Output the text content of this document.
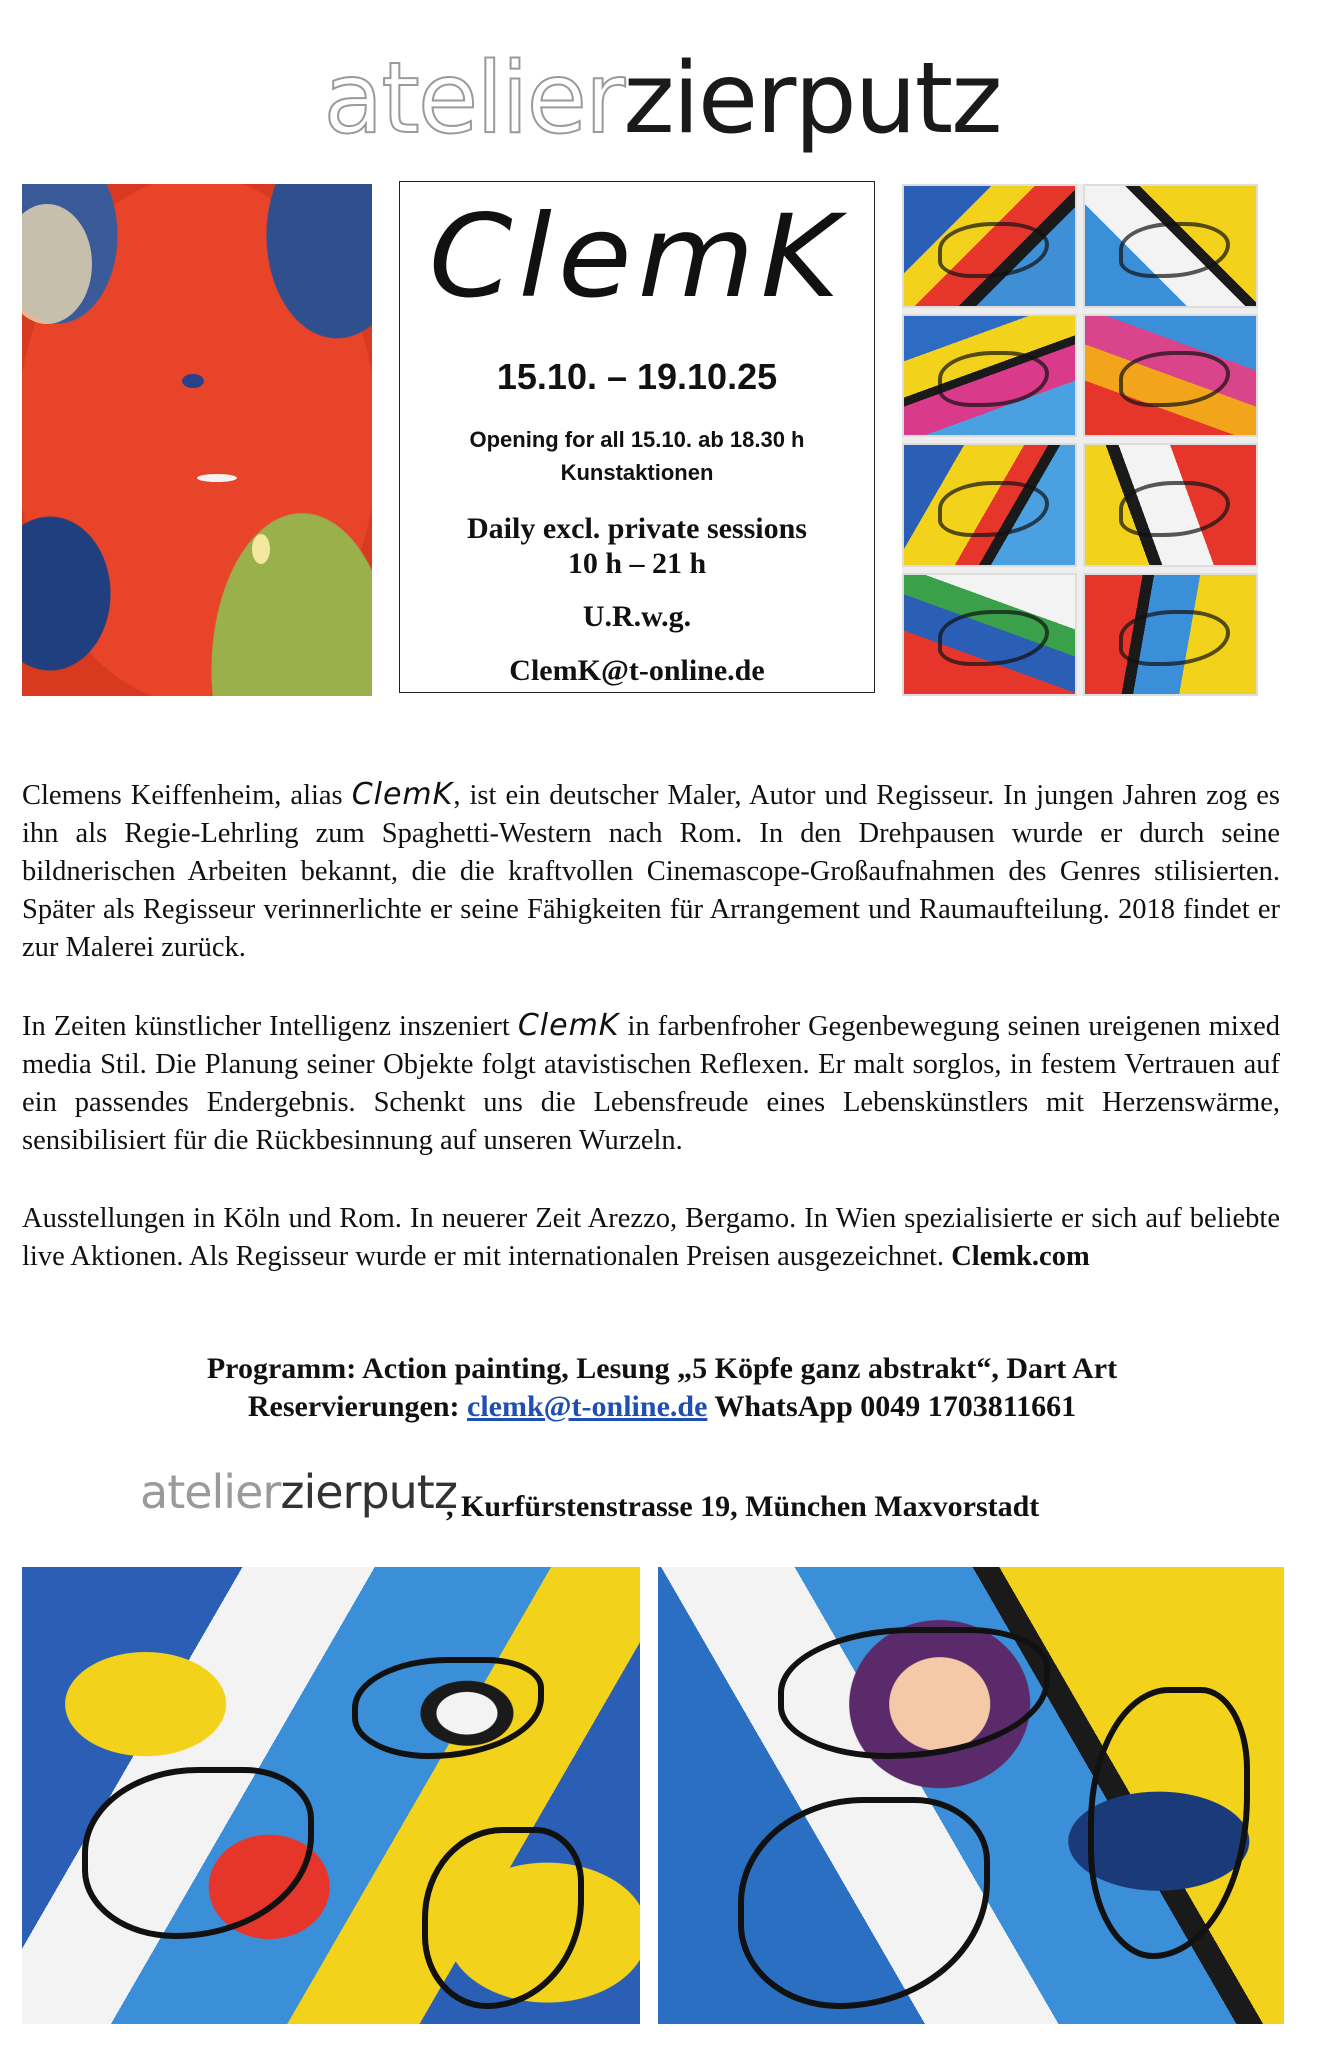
atelierzierputz
ClemK
15.10. – 19.10.25
Opening for all 15.10. ab 18.30 h
Kunstaktionen
Daily excl. private sessions
10 h – 21 h
U.R.w.g.
ClemK@t-online.de
Clemens Keiffenheim, alias ClemK, ist ein deutscher Maler, Autor und Regisseur. In jungen Jahren zog es ihn als Regie-Lehrling zum Spaghetti-Western nach Rom. In den Drehpausen wurde er durch seine bildnerischen Arbeiten bekannt, die die kraftvollen Cinemascope-Großaufnahmen des Genres stilisierten. Später als Regisseur verinnerlichte er seine Fähigkeiten für Arrangement und Raumaufteilung. 2018 findet er zur Malerei zurück.
In Zeiten künstlicher Intelligenz inszeniert ClemK in farbenfroher Gegenbewegung seinen ureigenen mixed media Stil. Die Planung seiner Objekte folgt atavistischen Reflexen. Er malt sorglos, in festem Vertrauen auf ein passendes Endergebnis. Schenkt uns die Lebensfreude eines Lebenskünstlers mit Herzenswärme, sensibilisiert für die Rückbesinnung auf unseren Wurzeln.
Ausstellungen in Köln und Rom. In neuerer Zeit Arezzo, Bergamo. In Wien spezialisierte er sich auf beliebte live Aktionen. Als Regisseur wurde er mit internationalen Preisen ausgezeichnet. Clemk.com
Programm: Action painting, Lesung „5 Köpfe ganz abstrakt“, Dart Art
Reservierungen: clemk@t-online.de WhatsApp 0049 1703811661
atelierzierputz
, Kurfürstenstrasse 19, München Maxvorstadt
